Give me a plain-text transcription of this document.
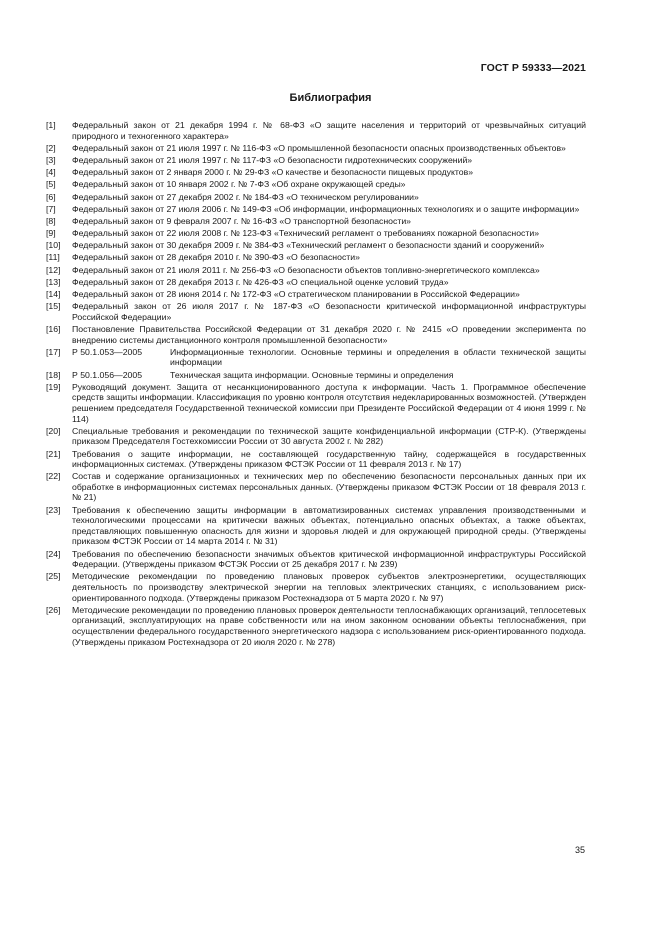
ГОСТ Р 59333—2021
Библиография
[1]	Федеральный закон от 21 декабря 1994 г. № 68-ФЗ «О защите населения и территорий от чрезвычайных ситуаций природного и техногенного характера»
[2]	Федеральный закон от 21 июля 1997 г. № 116-ФЗ «О промышленной безопасности опасных производственных объектов»
[3]	Федеральный закон от 21 июля 1997 г. № 117-ФЗ «О безопасности гидротехнических сооружений»
[4]	Федеральный закон от 2 января 2000 г. № 29-ФЗ «О качестве и безопасности пищевых продуктов»
[5]	Федеральный закон от 10 января 2002 г. № 7-ФЗ «Об охране окружающей среды»
[6]	Федеральный закон от 27 декабря 2002 г. № 184-ФЗ «О техническом регулировании»
[7]	Федеральный закон от 27 июля 2006 г. № 149-ФЗ «Об информации, информационных технологиях и о защите информации»
[8]	Федеральный закон от 9 февраля 2007 г. № 16-ФЗ «О транспортной безопасности»
[9]	Федеральный закон от 22 июля 2008 г. № 123-ФЗ «Технический регламент о требованиях пожарной безопасности»
[10]	Федеральный закон от 30 декабря 2009 г. № 384-ФЗ «Технический регламент о безопасности зданий и сооружений»
[11]	Федеральный закон от 28 декабря 2010 г. № 390-ФЗ «О безопасности»
[12]	Федеральный закон от 21 июля 2011 г. № 256-ФЗ «О безопасности объектов топливно-энергетического комплекса»
[13]	Федеральный закон от 28 декабря 2013 г. № 426-ФЗ «О специальной оценке условий труда»
[14]	Федеральный закон от 28 июня 2014 г. № 172-ФЗ «О стратегическом планировании в Российской Федерации»
[15]	Федеральный закон от 26 июля 2017 г. № 187-ФЗ «О безопасности критической информационной инфраструктуры Российской Федерации»
[16]	Постановление Правительства Российской Федерации от 31 декабря 2020 г. № 2415 «О проведении эксперимента по внедрению системы дистанционного контроля промышленной безопасности»
[17]	Р 50.1.053—2005	Информационные технологии. Основные термины и определения в области технической защиты информации
[18]	Р 50.1.056—2005	Техническая защита информации. Основные термины и определения
[19]	Руководящий документ. Защита от несанкционированного доступа к информации. Часть 1. Программное обеспечение средств защиты информации. Классификация по уровню контроля отсутствия недекларированных возможностей. (Утвержден решением председателя Государственной технической комиссии при Президенте Российской Федерации от 4 июня 1999 г. № 114)
[20]	Специальные требования и рекомендации по технической защите конфиденциальной информации (СТР-К). (Утверждены приказом Председателя Гостехкомиссии России от 30 августа 2002 г. № 282)
[21]	Требования о защите информации, не составляющей государственную тайну, содержащейся в государственных информационных системах. (Утверждены приказом ФСТЭК России от 11 февраля 2013 г. № 17)
[22]	Состав и содержание организационных и технических мер по обеспечению безопасности персональных данных при их обработке в информационных системах персональных данных. (Утверждены приказом ФСТЭК России от 18 февраля 2013 г. № 21)
[23]	Требования к обеспечению защиты информации в автоматизированных системах управления производственными и технологическими процессами на критически важных объектах, потенциально опасных объектах, а также объектах, представляющих повышенную опасность для жизни и здоровья людей и для окружающей природной среды. (Утверждены приказом ФСТЭК России от 14 марта 2014 г. № 31)
[24]	Требования по обеспечению безопасности значимых объектов критической информационной инфраструктуры Российской Федерации. (Утверждены приказом ФСТЭК России от 25 декабря 2017 г. № 239)
[25]	Методические рекомендации по проведению плановых проверок субъектов электроэнергетики, осуществляющих деятельность по производству электрической энергии на тепловых электрических станциях, с использованием риск-ориентированного подхода. (Утверждены приказом Ростехнадзора от 5 марта 2020 г. № 97)
[26]	Методические рекомендации по проведению плановых проверок деятельности теплоснабжающих организаций, теплосетевых организаций, эксплуатирующих на праве собственности или на ином законном основании объекты теплоснабжения, при осуществлении федерального государственного энергетического надзора с использованием риск-ориентированного подхода. (Утверждены приказом Ростехнадзора от 20 июля 2020 г. № 278)
35
